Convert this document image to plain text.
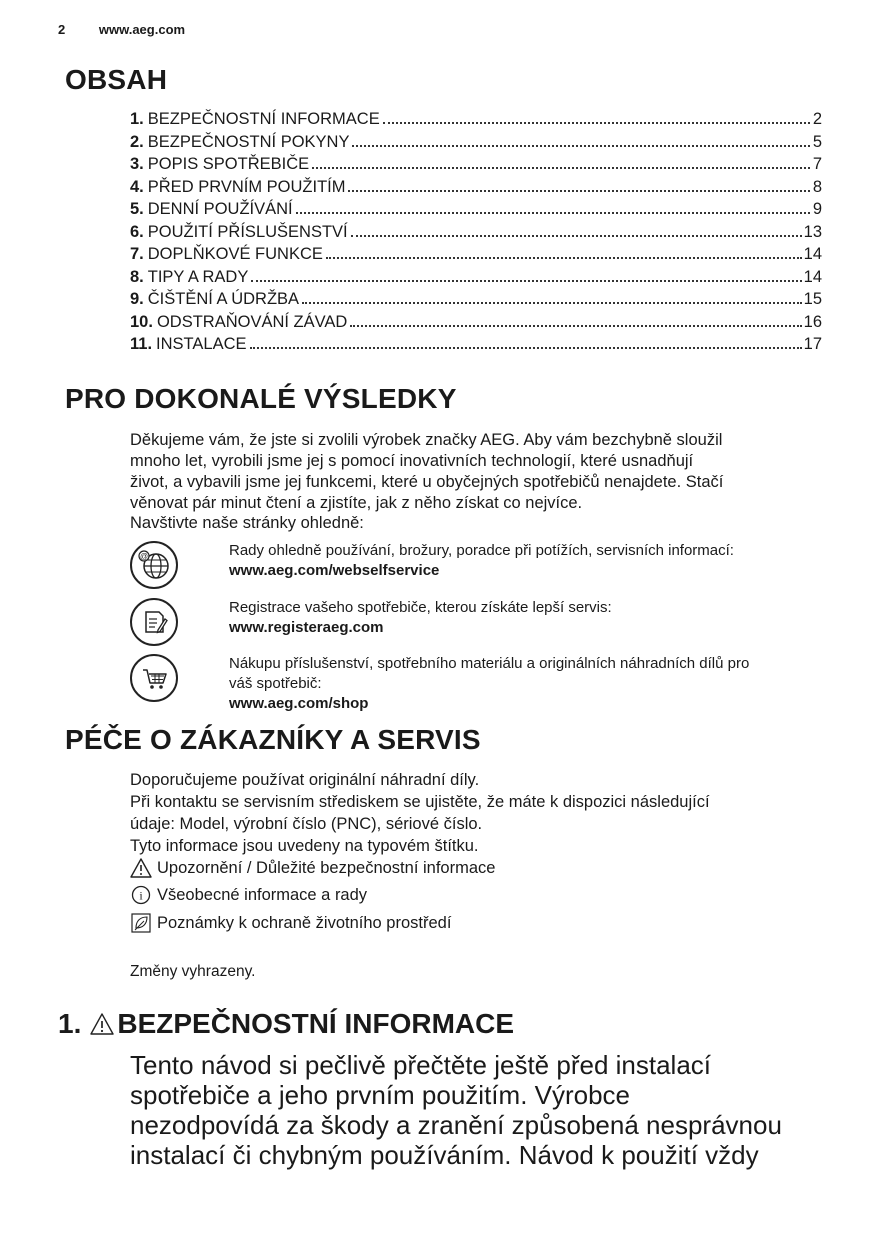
2	www.aeg.com
OBSAH
1. BEZPEČNOSTNÍ INFORMACE	2
2. BEZPEČNOSTNÍ POKYNY	5
3. POPIS SPOTŘEBIČE	7
4. PŘED PRVNÍM POUŽITÍM	8
5. DENNÍ POUŽÍVÁNÍ	9
6. POUŽITÍ PŘÍSLUŠENSTVÍ	13
7. DOPLŇKOVÉ FUNKCE	14
8. TIPY A RADY	14
9. ČIŠTĚNÍ A ÚDRŽBA	15
10. ODSTRAŇOVÁNÍ ZÁVAD	16
11. INSTALACE	17
PRO DOKONALÉ VÝSLEDKY
Děkujeme vám, že jste si zvolili výrobek značky AEG. Aby vám bezchybně sloužil
mnoho let, vyrobili jsme jej s pomocí inovativních technologií, které usnadňují
život, a vybavili jsme jej funkcemi, které u obyčejných spotřebičů nenajdete. Stačí
věnovat pár minut čtení a zjistíte, jak z něho získat co nejvíce.
Navštivte naše stránky ohledně:
@	Rady ohledně používání, brožury, poradce při potížích, servisních informací:
www.aeg.com/webselfservice
Registrace vašeho spotřebiče, kterou získáte lepší servis:
www.registeraeg.com
Nákupu příslušenství, spotřebního materiálu a originálních náhradních dílů pro
váš spotřebič:
www.aeg.com/shop
PÉČE O ZÁKAZNÍKY A SERVIS
Doporučujeme používat originální náhradní díly.
Při kontaktu se servisním střediskem se ujistěte, že máte k dispozici následující
údaje: Model, výrobní číslo (PNC), sériové číslo.
Tyto informace jsou uvedeny na typovém štítku.
Upozornění / Důležité bezpečnostní informace
i Všeobecné informace a rady
Poznámky k ochraně životního prostředí
Změny vyhrazeny.
1. BEZPEČNOSTNÍ INFORMACE
Tento návod si pečlivě přečtěte ještě před instalací
spotřebiče a jeho prvním použitím. Výrobce
nezodpovídá za škody a zranění způsobená nesprávnou
instalací či chybným používáním. Návod k použití vždy
